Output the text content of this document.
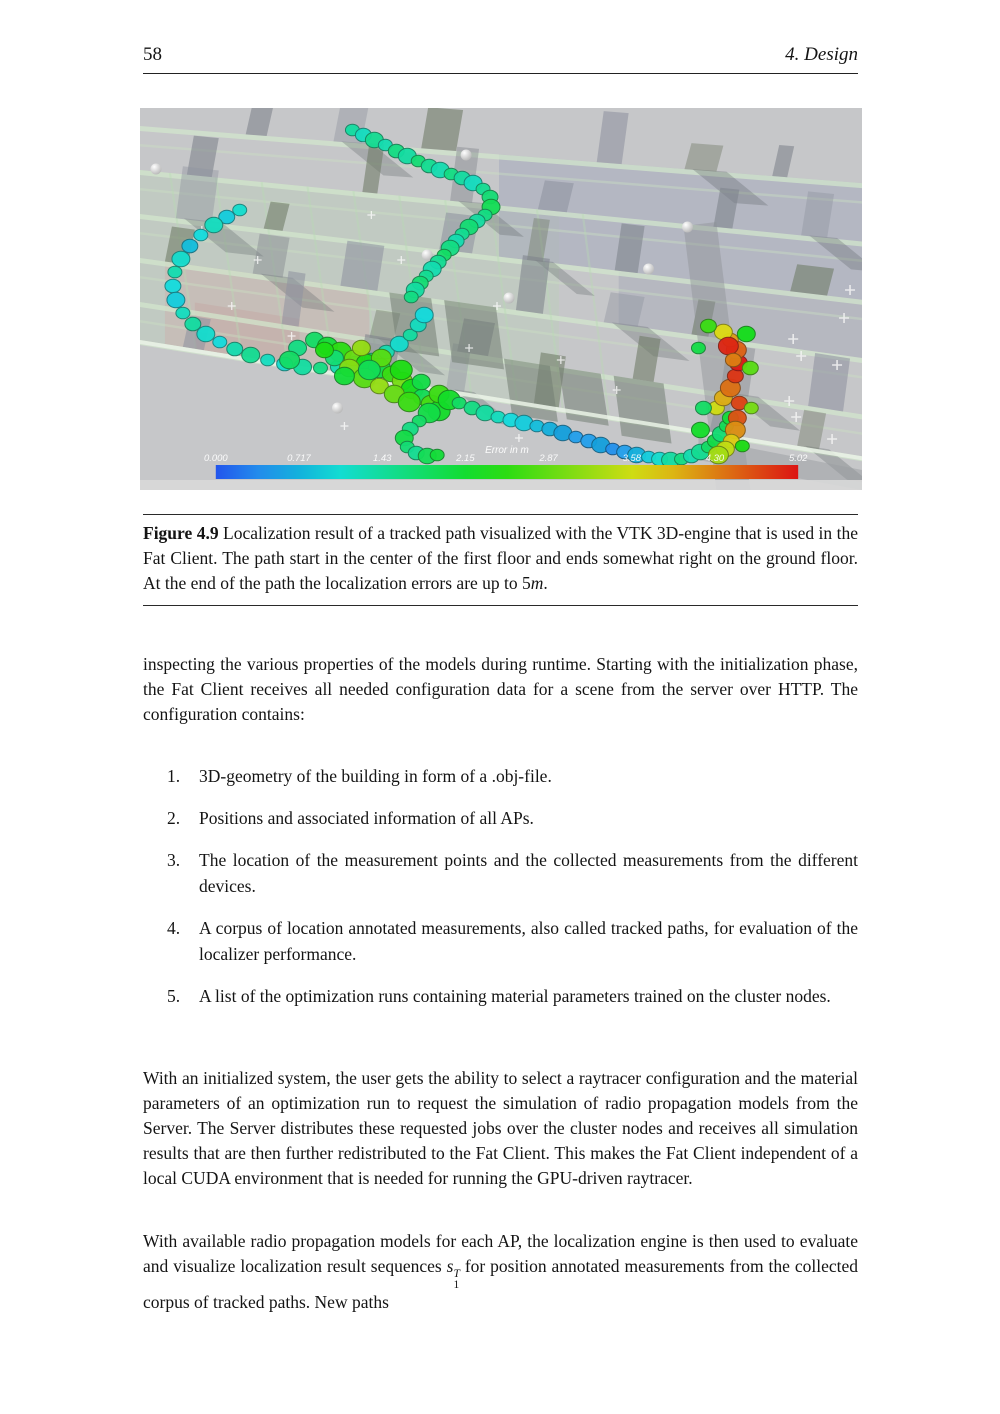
58	4. Design
Error in m
0.000	0.717	1.43	2.15	2.87	3.58	4.30	5.02
Figure 4.9 Localization result of a tracked path visualized with the VTK 3D-engine that is used in the Fat Client. The path start in the center of the first floor and ends somewhat right on the ground floor. At the end of the path the localization errors are up to 5m.

inspecting the various properties of the models during runtime. Starting with the initialization phase, the Fat Client receives all needed configuration data for a scene from the server over HTTP. The configuration contains:

1.	3D-geometry of the building in form of a .obj-file.
2.	Positions and associated information of all APs.
3.	The location of the measurement points and the collected measurements from the different devices.
4.	A corpus of location annotated measurements, also called tracked paths, for evaluation of the localizer performance.
5.	A list of the optimization runs containing material parameters trained on the cluster nodes.

With an initialized system, the user gets the ability to select a raytracer configuration and the material parameters of an optimization run to request the simulation of radio propagation models from the Server. The Server distributes these requested jobs over the cluster nodes and receives all simulation results that are then further redistributed to the Fat Client. This makes the Fat Client independent of a local CUDA environment that is needed for running the GPU-driven raytracer.

With available radio propagation models for each AP, the localization engine is then used to evaluate and visualize localization result sequences s T
1
for position annotated measurements from the collected corpus of tracked paths. New paths
